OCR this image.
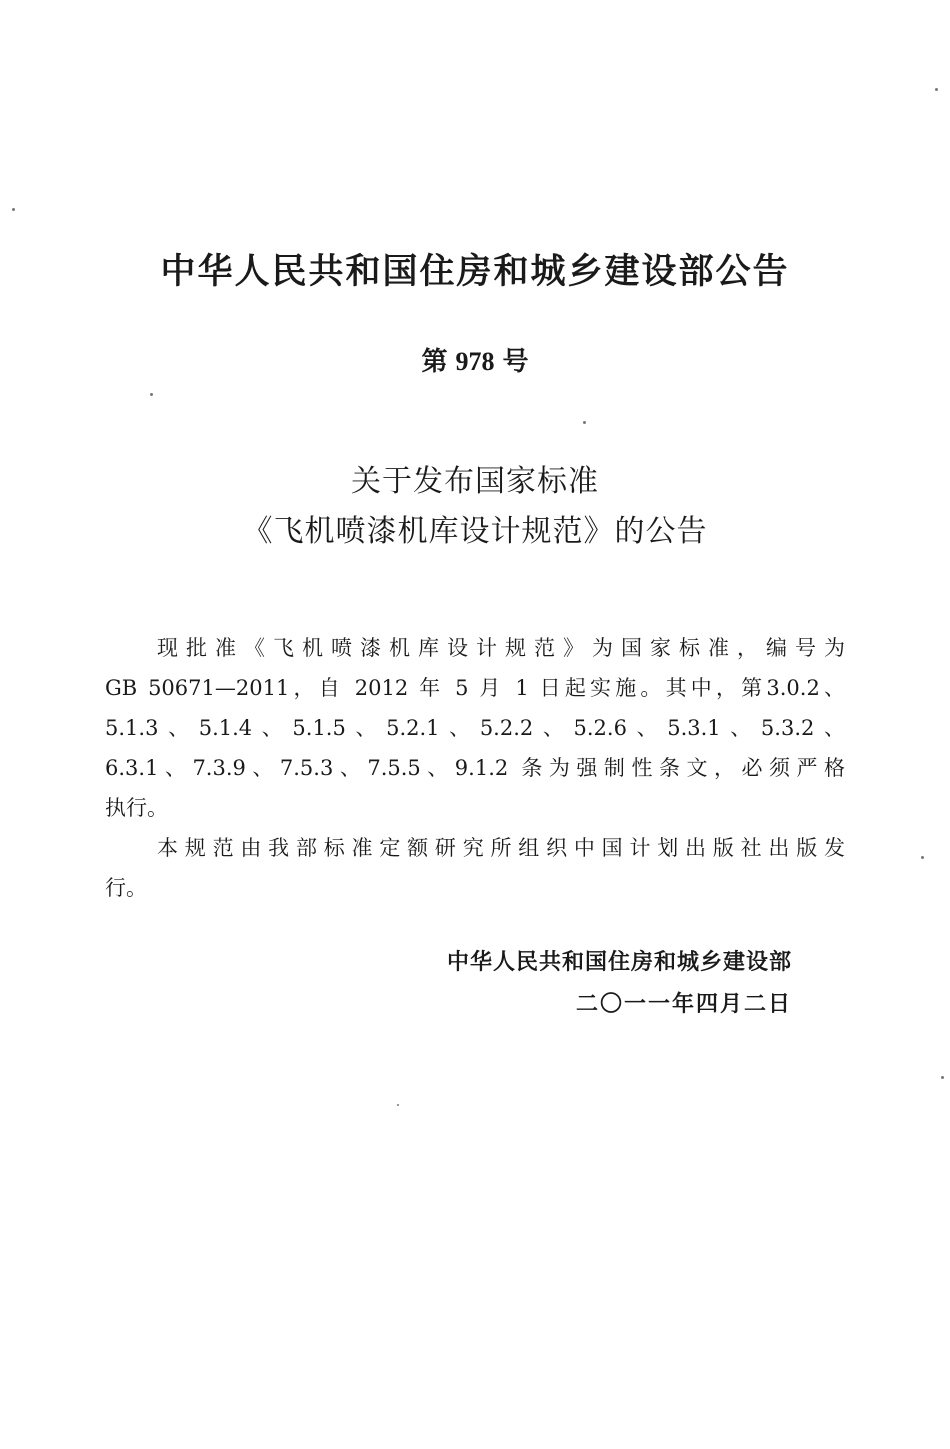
中华人民共和国住房和城乡建设部公告
第 978 号
关于发布国家标准
《飞机喷漆机库设计规范》的公告
现批准《飞机喷漆机库设计规范》为国家标准，编号为
GB 50671—2011，自 2012 年 5 月 1 日起实施。其中，第3.0.2、
5.1.3、5.1.4、5.1.5、5.2.1、5.2.2、5.2.6、5.3.1、5.3.2、
6.3.1、7.3.9、7.5.3、7.5.5、9.1.2 条为强制性条文，必须严格
执行。
本规范由我部标准定额研究所组织中国计划出版社出版发
行。
中华人民共和国住房和城乡建设部
二〇一一年四月二日
